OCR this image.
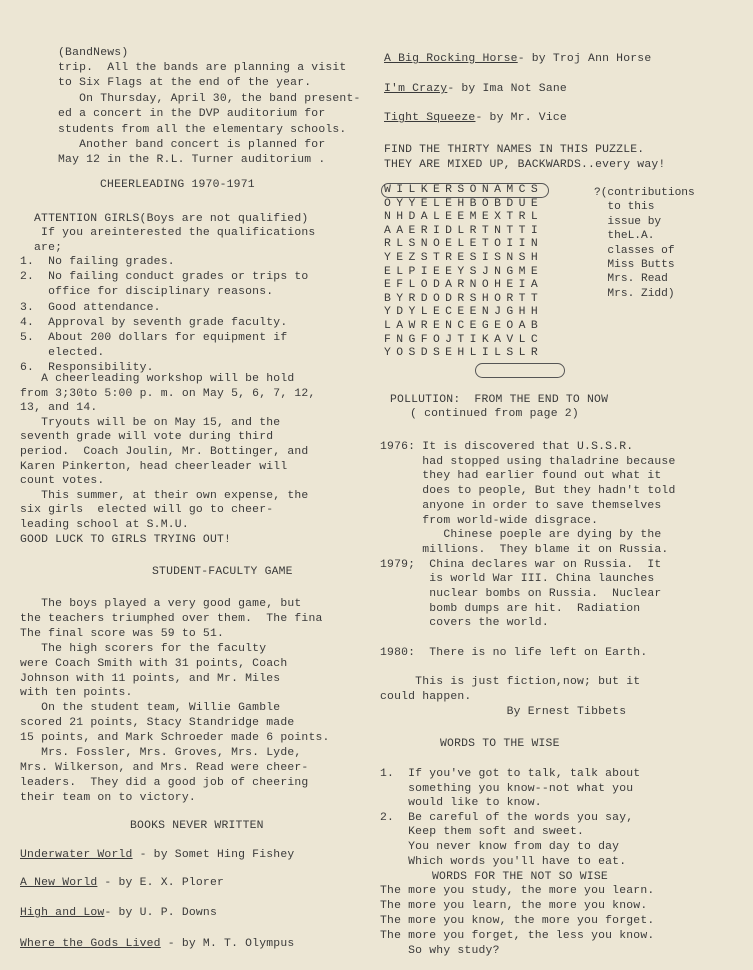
(BandNews)
trip.  All the bands are planning a visit
to Six Flags at the end of the year.
On Thursday, April 30, the band present-
ed a concert in the DVP auditorium for
students from all the elementary schools.
Another band concert is planned for
May 12 in the R.L. Turner auditorium .
CHEERLEADING 1970-1971
ATTENTION GIRLS(Boys are not qualified)
If you areinterested the qualifications
are;
1.  No failing grades.
2.  No failing conduct grades or trips to
office for disciplinary reasons.
3.  Good attendance.
4.  Approval by seventh grade faculty.
5.  About 200 dollars for equipment if
elected.
6.  Responsibility.
A cheerleading workshop will be hold
from 3;30to 5:00 p. m. on May 5, 6, 7, 12,
13, and 14.
Tryouts will be on May 15, and the
seventh grade will vote during third
period.  Coach Joulin, Mr. Bottinger, and
Karen Pinkerton, head cheerleader will
count votes.
This summer, at their own expense, the
six girls  elected will go to cheer-
leading school at S.M.U.
GOOD LUCK TO GIRLS TRYING OUT!
STUDENT-FACULTY GAME
The boys played a very good game, but
the teachers triumphed over them.  The fina
The final score was 59 to 51.
The high scorers for the faculty
were Coach Smith with 31 points, Coach
Johnson with 11 points, and Mr. Miles
with ten points.
On the student team, Willie Gamble
scored 21 points, Stacy Standridge made
15 points, and Mark Schroeder made 6 points.
Mrs. Fossler, Mrs. Groves, Mrs. Lyde,
Mrs. Wilkerson, and Mrs. Read were cheer-
leaders.  They did a good job of cheering
their team on to victory.
BOOKS NEVER WRITTEN
Underwater World - by Somet Hing Fishey
A New World - by E. X. Plorer
High and Low- by U. P. Downs
Where the Gods Lived - by M. T. Olympus
A Big Rocking Horse- by Troj Ann Horse
I'm Crazy- by Ima Not Sane
Tight Squeeze- by Mr. Vice
FIND THE THIRTY NAMES IN THIS PUZZLE.
THEY ARE MIXED UP, BACKWARDS..every way!
WILKERSONAMCS
OYYELEHBOBDUE
NHDALEEMEXTRL
AAERIDLRTNTTI
RLSNOELETOIIN
YEZSTRESISNSH
ELPIEEYSJNGME
EFLODARNOHEIA
BYRDODRSHORTT
YDYLECEENJGHH
LAWRENCEGEOAB
FNGFOJTIKAVLC
YOSDSEHLILSLR
?(contributions
to this
issue by
theL.A.
classes of
Miss Butts
Mrs. Read
Mrs. Zidd)
POLLUTION:  FROM THE END TO NOW
( continued from page 2)
1976: It is discovered that U.S.S.R.
had stopped using thaladrine because
they had earlier found out what it
does to people, But they hadn't told
anyone in order to save themselves
from world-wide disgrace.
Chinese poeple are dying by the
millions.  They blame it on Russia.
1979;  China declares war on Russia.  It
is world War III. China launches
nuclear bombs on Russia.  Nuclear
bomb dumps are hit.  Radiation
covers the world.
1980:  There is no life left on Earth.
This is just fiction,now; but it
could happen.
By Ernest Tibbets
WORDS TO THE WISE
1.  If you've got to talk, talk about
something you know--not what you
would like to know.
2.  Be careful of the words you say,
Keep them soft and sweet.
You never know from day to day
Which words you'll have to eat.
WORDS FOR THE NOT SO WISE
The more you study, the more you learn.
The more you learn, the more you know.
The more you know, the more you forget.
The more you forget, the less you know.
So why study?
